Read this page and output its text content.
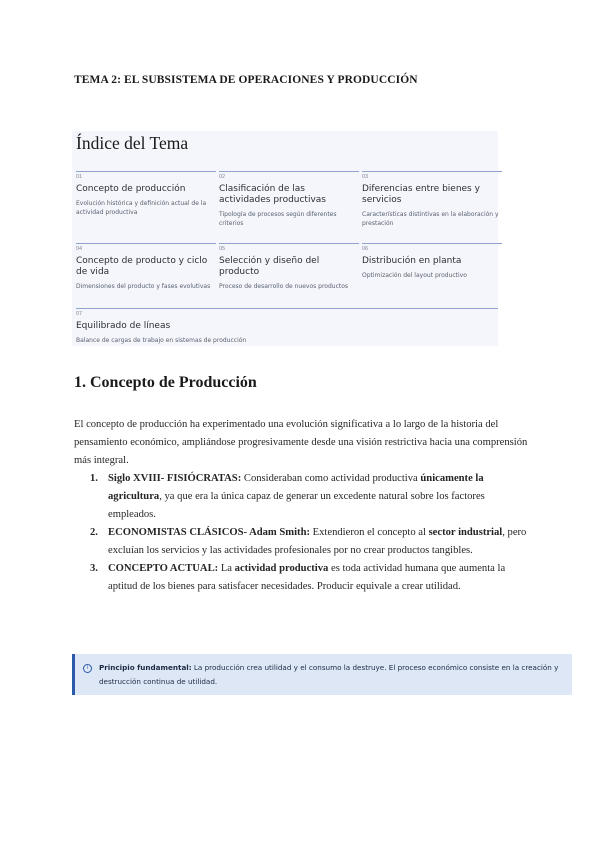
TEMA 2: EL SUBSISTEMA DE OPERACIONES Y PRODUCCIÓN
Índice del Tema
01
Concepto de producción
Evolución histórica y definición actual de la actividad productiva
02
Clasificación de las actividades productivas
Tipología de procesos según diferentes criterios
03
Diferencias entre bienes y servicios
Características distintivas en la elaboración y prestación
04
Concepto de producto y ciclo de vida
Dimensiones del producto y fases evolutivas
05
Selección y diseño del producto
Proceso de desarrollo de nuevos productos
06
Distribución en planta
Optimización del layout productivo
07
Equilibrado de líneas
Balance de cargas de trabajo en sistemas de producción
1. Concepto de Producción
El concepto de producción ha experimentado una evolución significativa a lo largo de la historia del pensamiento económico, ampliándose progresivamente desde una visión restrictiva hacia una comprensión más integral.
1. Siglo XVIII- FISIÓCRATAS: Consideraban como actividad productiva únicamente la agricultura, ya que era la única capaz de generar un excedente natural sobre los factores empleados.
2. ECONOMISTAS CLÁSICOS- Adam Smith: Extendieron el concepto al sector industrial, pero excluían los servicios y las actividades profesionales por no crear productos tangibles.
3. CONCEPTO ACTUAL: La actividad productiva es toda actividad humana que aumenta la aptitud de los bienes para satisfacer necesidades. Producir equivale a crear utilidad.
i	Principio fundamental: La producción crea utilidad y el consumo la destruye. El proceso económico consiste en la creación y destrucción continua de utilidad.
